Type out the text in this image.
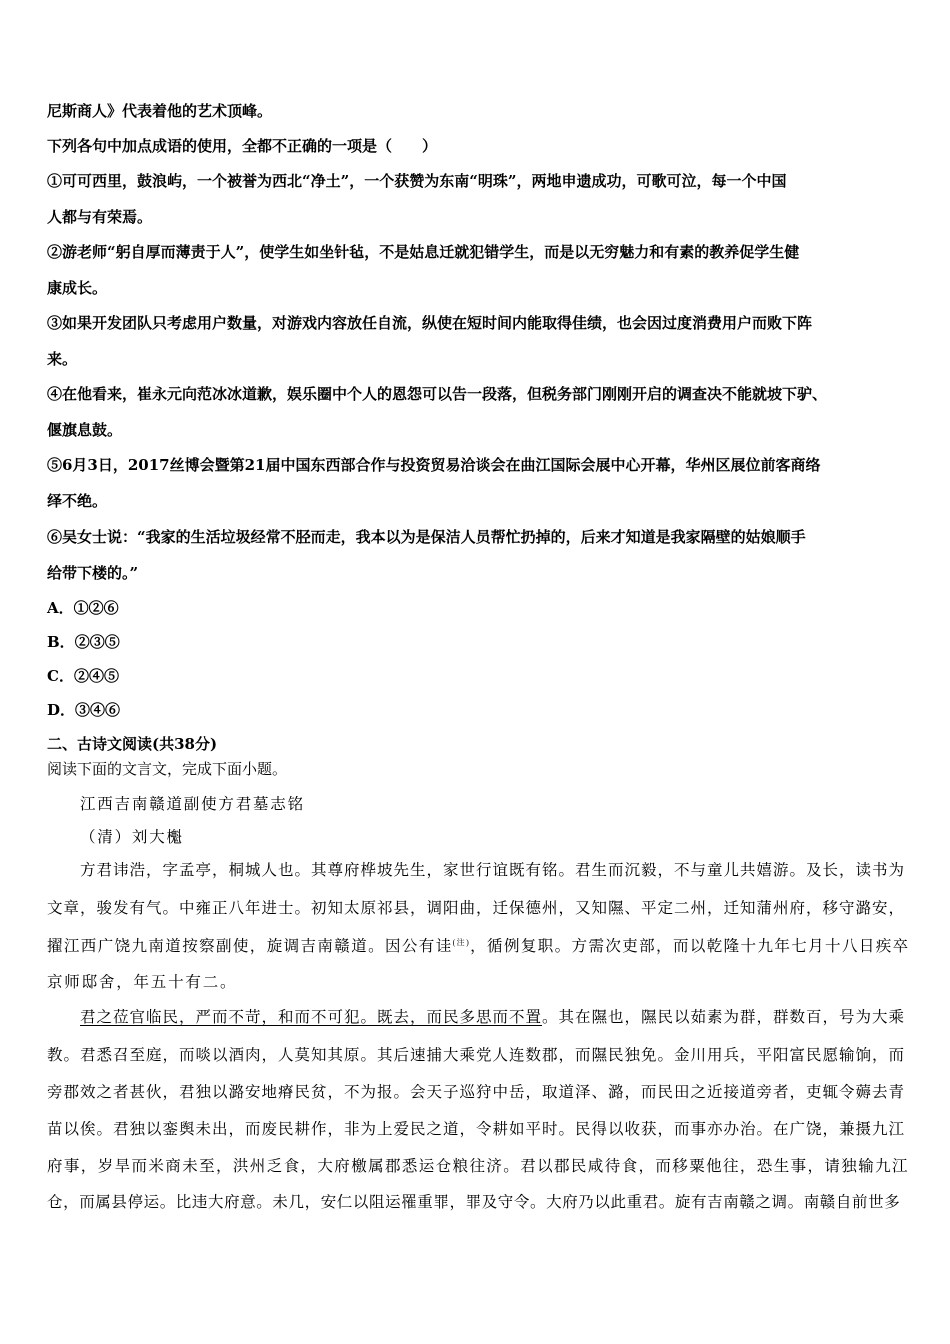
尼斯商人》代表着他的艺术顶峰。
下列各句中加点成语的使用，全都不正确的一项是（　　）
①可可西里，鼓浪屿，一个被誉为西北“净土”，一个获赞为东南“明珠”，两地申遗成功，可歌可泣，每一个中国
人都与有荣焉。
②游老师“躬自厚而薄责于人”，使学生如坐针毡，不是姑息迁就犯错学生，而是以无穷魅力和有素的教养促学生健
康成长。
③如果开发团队只考虑用户数量，对游戏内容放任自流，纵使在短时间内能取得佳绩，也会因过度消费用户而败下阵
来。
④在他看来，崔永元向范冰冰道歉，娱乐圈中个人的恩怨可以告一段落，但税务部门刚刚开启的调查决不能就坡下驴、
偃旗息鼓。
⑤6月3日，2017丝博会暨第21届中国东西部合作与投资贸易洽谈会在曲江国际会展中心开幕，华州区展位前客商络
绎不绝。
⑥吴女士说：“我家的生活垃圾经常不胫而走，我本以为是保洁人员帮忙扔掉的，后来才知道是我家隔壁的姑娘顺手
给带下楼的。”
A．①②⑥
B．②③⑤
C．②④⑤
D．③④⑥
二、古诗文阅读(共38分)
阅读下面的文言文，完成下面小题。
江西吉南赣道副使方君墓志铭
（清）刘大櫆
方君讳浩，字孟亭，桐城人也。其尊府桦坡先生，家世行谊既有铭。君生而沉毅，不与童儿共嬉游。及长，读书为
文章，骏发有气。中雍正八年进士。初知太原祁县，调阳曲，迁保德州，又知隰、平定二州，迁知蒲州府，移守潞安，
擢江西广饶九南道按察副使，旋调吉南赣道。因公有诖$^{(注)}$，循例复职。方需次吏部，而以乾隆十九年七月十八日疾卒
京师邸舍，年五十有二。
君之莅官临民，严而不苛，和而不可犯。既去，而民多思而不置。其在隰也，隰民以茹素为群，群数百，号为大乘
教。君悉召至庭，而啖以酒肉，人莫知其原。其后速捕大乘党人连数郡，而隰民独免。金川用兵，平阳富民愿输饷，而
旁郡效之者甚伙，君独以潞安地瘠民贫，不为报。会天子巡狩中岳，取道泽、潞，而民田之近接道旁者，吏辄令薅去青
苗以俟。君独以銮舆未出，而废民耕作，非为上爱民之道，令耕如平时。民得以收获，而事亦办治。在广饶，兼摄九江
府事，岁旱而米商未至，洪州乏食，大府檄属郡悉运仓粮往济。君以郡民咸待食，而移粟他往，恐生事，请独输九江
仓，而属县停运。比违大府意。未几，安仁以阻运罹重罪，罪及守令。大府乃以此重君。旋有吉南赣之调。南赣自前世多
